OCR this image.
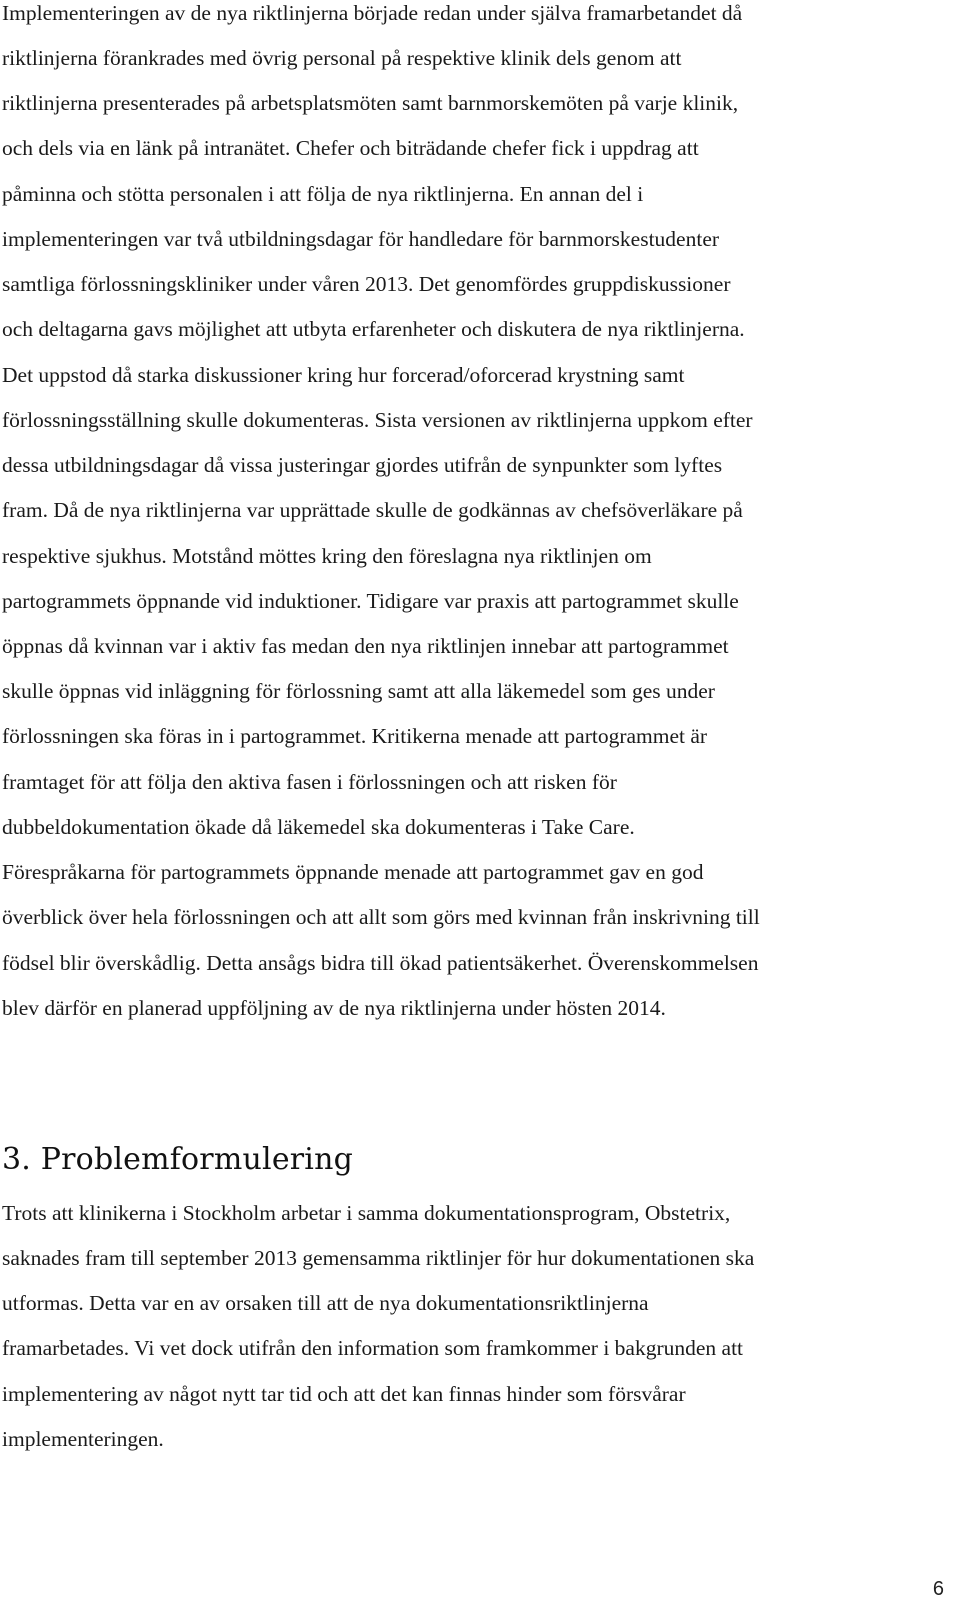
Implementeringen av de nya riktlinjerna började redan under själva framarbetandet då
riktlinjerna förankrades med övrig personal på respektive klinik dels genom att
riktlinjerna presenterades på arbetsplatsmöten samt barnmorskemöten på varje klinik,
och dels via en länk på intranätet. Chefer och biträdande chefer fick i uppdrag att
påminna och stötta personalen i att följa de nya riktlinjerna. En annan del i
implementeringen var två utbildningsdagar för handledare för barnmorskestudenter
samtliga förlossningskliniker under våren 2013. Det genomfördes gruppdiskussioner
och deltagarna gavs möjlighet att utbyta erfarenheter och diskutera de nya riktlinjerna.
Det uppstod då starka diskussioner kring hur forcerad/oforcerad krystning samt
förlossningsställning skulle dokumenteras. Sista versionen av riktlinjerna uppkom efter
dessa utbildningsdagar då vissa justeringar gjordes utifrån de synpunkter som lyftes
fram. Då de nya riktlinjerna var upprättade skulle de godkännas av chefsöverläkare på
respektive sjukhus. Motstånd möttes kring den föreslagna nya riktlinjen om
partogrammets öppnande vid induktioner. Tidigare var praxis att partogrammet skulle
öppnas då kvinnan var i aktiv fas medan den nya riktlinjen innebar att partogrammet
skulle öppnas vid inläggning för förlossning samt att alla läkemedel som ges under
förlossningen ska föras in i partogrammet. Kritikerna menade att partogrammet är
framtaget för att följa den aktiva fasen i förlossningen och att risken för
dubbeldokumentation ökade då läkemedel ska dokumenteras i Take Care.
Förespråkarna för partogrammets öppnande menade att partogrammet gav en god
överblick över hela förlossningen och att allt som görs med kvinnan från inskrivning till
födsel blir överskådlig. Detta ansågs bidra till ökad patientsäkerhet. Överenskommelsen
blev därför en planerad uppföljning av de nya riktlinjerna under hösten 2014.
3. Problemformulering
Trots att klinikerna i Stockholm arbetar i samma dokumentationsprogram, Obstetrix,
saknades fram till september 2013 gemensamma riktlinjer för hur dokumentationen ska
utformas. Detta var en av orsaken till att de nya dokumentationsriktlinjerna
framarbetades. Vi vet dock utifrån den information som framkommer i bakgrunden att
implementering av något nytt tar tid och att det kan finnas hinder som försvårar
implementeringen.
6
